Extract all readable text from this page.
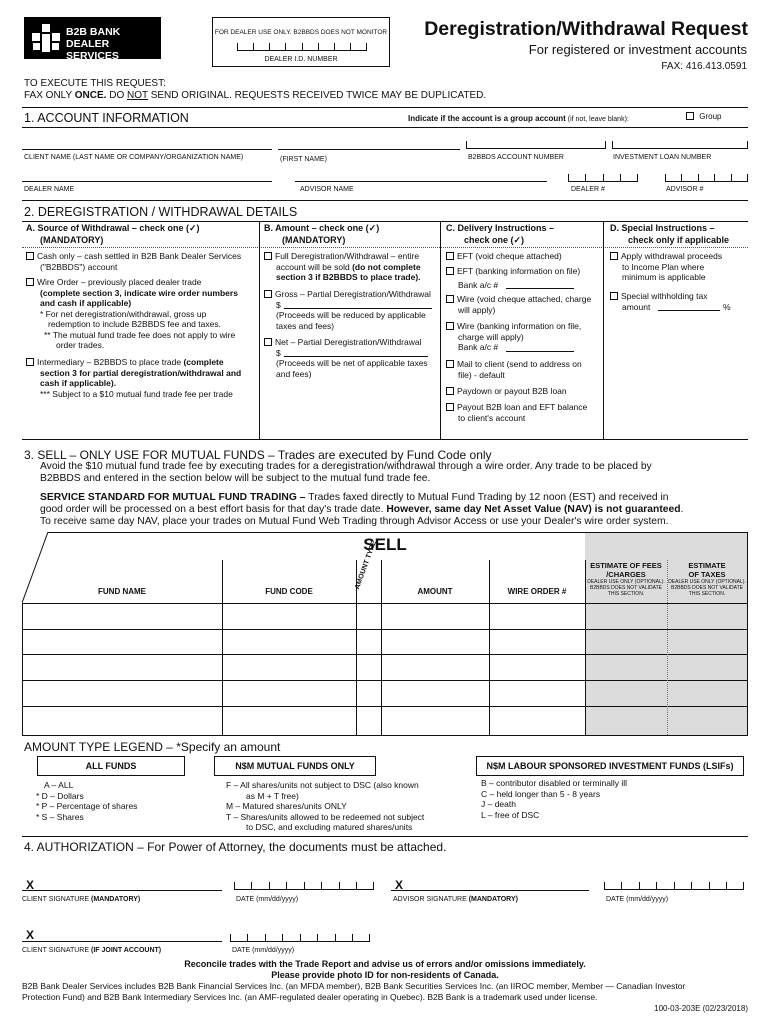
B2B BANK
DEALER SERVICES
FOR DEALER USE ONLY. B2BBDS DOES NOT MONITOR
DEALER I.D. NUMBER
Deregistration/Withdrawal Request
For registered or investment accounts
FAX: 416.413.0591
TO EXECUTE THIS REQUEST:
FAX ONLY ONCE. DO NOT SEND ORIGINAL. REQUESTS RECEIVED TWICE MAY BE DUPLICATED.
1. ACCOUNT INFORMATION	Indicate if the account is a group account (if not, leave blank):	Group
CLIENT NAME (LAST NAME OR COMPANY/ORGANIZATION NAME)	(FIRST NAME)	B2BBDS ACCOUNT NUMBER	INVESTMENT LOAN NUMBER
DEALER NAME	ADVISOR NAME	DEALER #	ADVISOR #
2. DEREGISTRATION / WITHDRAWAL DETAILS
A. Source of Withdrawal – check one (✓)
(MANDATORY)
Cash only – cash settled in B2B Bank Dealer Services
("B2BBDS") account
Wire Order – previously placed dealer trade
(complete section 3, indicate wire order numbers
and cash if applicable)
* For net deregistration/withdrawal, gross up
redemption to include B2BBDS fee and taxes.
** The mutual fund trade fee does not apply to wire
order trades.
Intermediary – B2BBDS to place trade (complete
section 3 for partial deregistration/withdrawal and
cash if applicable).
*** Subject to a $10 mutual fund trade fee per trade
B. Amount – check one (✓)
(MANDATORY)
Full Deregistration/Withdrawal – entire
account will be sold (do not complete
section 3 if B2BBDS to place trade).
Gross – Partial Deregistration/Withdrawal
$
(Proceeds will be reduced by applicable
taxes and fees)
Net – Partial Deregistration/Withdrawal
$
(Proceeds will be net of applicable taxes
and fees)
C. Delivery Instructions –
check one (✓)
EFT (void cheque attached)
EFT (banking information on file)
Bank a/c #
Wire (void cheque attached, charge
will apply)
Wire (banking information on file,
charge will apply)
Bank a/c #
Mail to client (send to address on
file) - default
Paydown or payout B2B loan
Payout B2B loan and EFT balance
to client's account
D. Special Instructions –
check only if applicable
Apply withdrawal proceeds
to Income Plan where
minimum is applicable
Special withholding tax
amount	%
3. SELL – ONLY USE FOR MUTUAL FUNDS – Trades are executed by Fund Code only
Avoid the $10 mutual fund trade fee by executing trades for a deregistration/withdrawal through a wire order. Any trade to be placed by
B2BBDS and entered in the section below will be subject to the mutual fund trade fee.
SERVICE STANDARD FOR MUTUAL FUND TRADING – Trades faxed directly to Mutual Fund Trading by 12 noon (EST) and received in
good order will be processed on a best effort basis for that day's trade date. However, same day Net Asset Value (NAV) is not guaranteed.
To receive same day NAV, place your trades on Mutual Fund Web Trading through Advisor Access or use your Dealer's wire order system.
SELL
FUND NAME	FUND CODE
AMOUNT TYPE
AMOUNT	WIRE ORDER #
ESTIMATE OF FEES
/CHARGES
DEALER USE ONLY (OPTIONAL).
B2BBDS DOES NOT VALIDATE
THIS SECTION.
ESTIMATE
OF TAXES
DEALER USE ONLY (OPTIONAL).
B2BBDS DOES NOT VALIDATE
THIS SECTION.
AMOUNT TYPE LEGEND – *Specify an amount
ALL FUNDS	N$M MUTUAL FUNDS ONLY	N$M LABOUR SPONSORED INVESTMENT FUNDS (LSIFs)
A – ALL
* D – Dollars
* P – Percentage of shares
* S – Shares
F – All shares/units not subject to DSC (also known
as M + T free)
M – Matured shares/units ONLY
T – Shares/units allowed to be redeemed not subject
to DSC, and excluding matured shares/units
B – contributor disabled or terminally ill
C – held longer than 5 - 8 years
J – death
L – free of DSC
4. AUTHORIZATION – For Power of Attorney, the documents must be attached.
X
CLIENT SIGNATURE (MANDATORY)	DATE (mm/dd/yyyy)
X
ADVISOR SIGNATURE (MANDATORY)	DATE (mm/dd/yyyy)
X
CLIENT SIGNATURE (IF JOINT ACCOUNT)	DATE (mm/dd/yyyy)
Reconcile trades with the Trade Report and advise us of errors and/or omissions immediately.
Please provide photo ID for non-residents of Canada.
B2B Bank Dealer Services includes B2B Bank Financial Services Inc. (an MFDA member), B2B Bank Securities Services Inc. (an IIROC member, Member — Canadian Investor
Protection Fund) and B2B Bank Intermediary Services Inc. (an AMF-regulated dealer operating in Quebec). B2B Bank is a trademark used under license.
100-03-203E (02/23/2018)
